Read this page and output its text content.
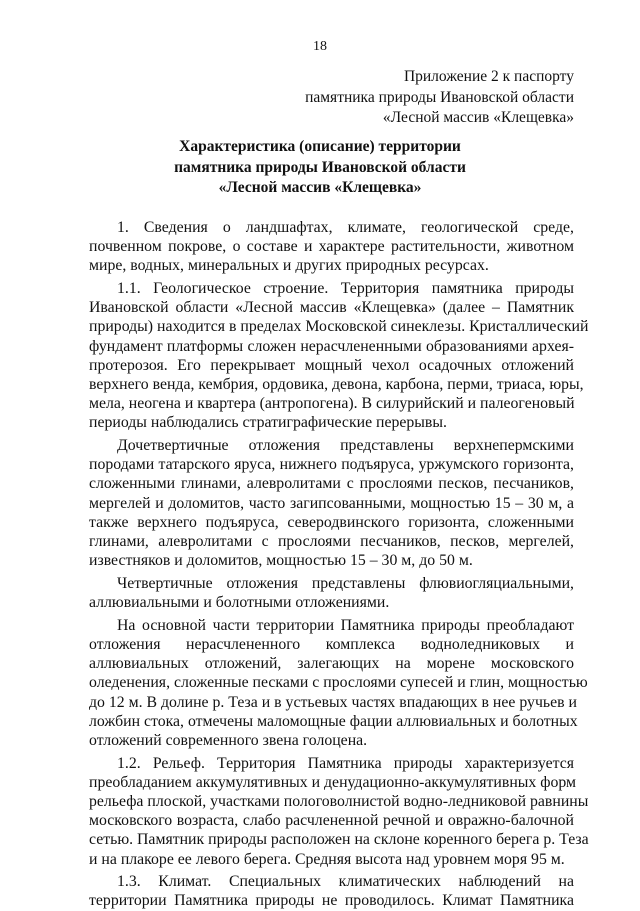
18
Приложение 2 к паспорту
памятника природы Ивановской области
«Лесной массив «Клещевка»
Характеристика (описание) территории
памятника природы Ивановской области
«Лесной массив «Клещевка»
1. Сведения о ландшафтах, климате, геологической среде,
почвенном покрове, о составе и характере растительности, животном
мире, водных, минеральных и других природных ресурсах.
1.1. Геологическое строение. Территория памятника природы
Ивановской области «Лесной массив «Клещевка» (далее – Памятник
природы) находится в пределах Московской синеклезы. Кристаллический
фундамент платформы сложен нерасчлененными образованиями архея-
протерозоя. Его перекрывает мощный чехол осадочных отложений
верхнего венда, кембрия, ордовика, девона, карбона, перми, триаса, юры,
мела, неогена и квартера (антропогена). В силурийский и палеогеновый
периоды наблюдались стратиграфические перерывы.
Дочетвертичные отложения представлены верхнепермскими
породами татарского яруса, нижнего подъяруса, уржумского горизонта,
сложенными глинами, алевролитами с прослоями песков, песчаников,
мергелей и доломитов, часто загипсованными, мощностью 15 – 30 м, а
также верхнего подъяруса, северодвинского горизонта, сложенными
глинами, алевролитами с прослоями песчаников, песков, мергелей,
известняков и доломитов, мощностью 15 – 30 м, до 50 м.
Четвертичные отложения представлены флювиогляциальными,
аллювиальными и болотными отложениями.
На основной части территории Памятника природы преобладают
отложения нерасчлененного комплекса водноледниковых и
аллювиальных отложений, залегающих на морене московского
оледенения, сложенные песками с прослоями супесей и глин, мощностью
до 12 м. В долине р. Теза и в устьевых частях впадающих в нее ручьев и
ложбин стока, отмечены маломощные фации аллювиальных и болотных
отложений современного звена голоцена.
1.2. Рельеф. Территория Памятника природы характеризуется
преобладанием аккумулятивных и денудационно-аккумулятивных форм
рельефа плоской, участками пологоволнистой водно-ледниковой равнины
московского возраста, слабо расчлененной речной и овражно-балочной
сетью. Памятник природы расположен на склоне коренного берега р. Теза
и на плакоре ее левого берега. Средняя высота над уровнем моря 95 м.
1.3. Климат. Специальных климатических наблюдений на
территории Памятника природы не проводилось. Климат Памятника
